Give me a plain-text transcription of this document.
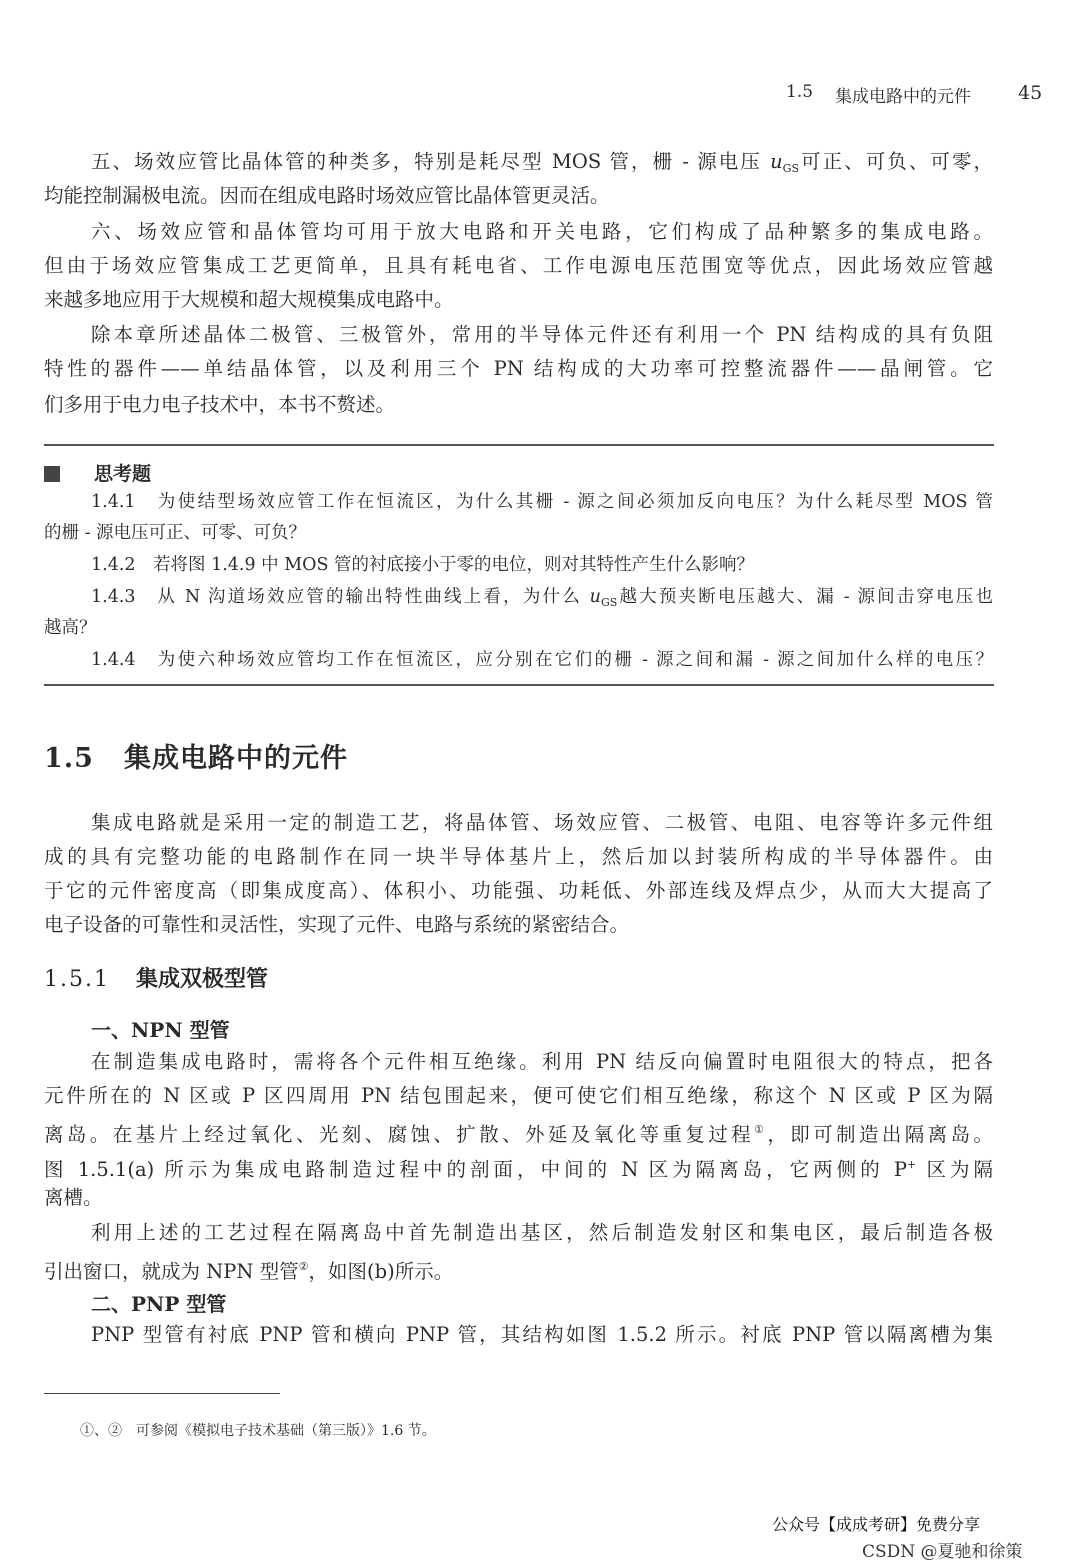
1.5 集成电路中的元件 45
五、场效应管比晶体管的种类多，特别是耗尽型 MOS 管，栅 - 源电压 $u_{GS}$可正、可负、可零，
均能控制漏极电流。因而在组成电路时场效应管比晶体管更灵活。
六、场效应管和晶体管均可用于放大电路和开关电路，它们构成了品种繁多的集成电路。
但由于场效应管集成工艺更简单，且具有耗电省、工作电源电压范围宽等优点，因此场效应管越
来越多地应用于大规模和超大规模集成电路中。
除本章所述晶体二极管、三极管外，常用的半导体元件还有利用一个 PN 结构成的具有负阻
特性的器件——单结晶体管，以及利用三个 PN 结构成的大功率可控整流器件——晶闸管。它
们多用于电力电子技术中，本书不赘述。
思考题
1.4.1　为使结型场效应管工作在恒流区，为什么其栅 - 源之间必须加反向电压？为什么耗尽型 MOS 管
的栅 - 源电压可正、可零、可负？
1.4.2　若将图 1.4.9 中 MOS 管的衬底接小于零的电位，则对其特性产生什么影响？
1.4.3　从 N 沟道场效应管的输出特性曲线上看，为什么 $u_{GS}$越大预夹断电压越大、漏 - 源间击穿电压也
越高？
1.4.4　为使六种场效应管均工作在恒流区，应分别在它们的栅 - 源之间和漏 - 源之间加什么样的电压？
1.5 集成电路中的元件
集成电路就是采用一定的制造工艺，将晶体管、场效应管、二极管、电阻、电容等许多元件组
成的具有完整功能的电路制作在同一块半导体基片上，然后加以封装所构成的半导体器件。由
于它的元件密度高（即集成度高）、体积小、功能强、功耗低、外部连线及焊点少，从而大大提高了
电子设备的可靠性和灵活性，实现了元件、电路与系统的紧密结合。
1.5.1 集成双极型管
一、NPN 型管
在制造集成电路时，需将各个元件相互绝缘。利用 PN 结反向偏置时电阻很大的特点，把各
元件所在的 N 区或 P 区四周用 PN 结包围起来，便可使它们相互绝缘，称这个 N 区或 P 区为隔
离岛。在基片上经过氧化、光刻、腐蚀、扩散、外延及氧化等重复过程①，即可制造出隔离岛。
图 1.5.1(a) 所示为集成电路制造过程中的剖面，中间的 N 区为隔离岛，它两侧的 P+ 区为隔
离槽。
利用上述的工艺过程在隔离岛中首先制造出基区，然后制造发射区和集电区，最后制造各极
引出窗口，就成为 NPN 型管②，如图(b)所示。
二、PNP 型管
PNP 型管有衬底 PNP 管和横向 PNP 管，其结构如图 1.5.2 所示。衬底 PNP 管以隔离槽为集
①、②　可参阅《模拟电子技术基础（第三版）》1.6 节。
公众号【成成考研】免费分享
CSDN @夏驰和徐策
